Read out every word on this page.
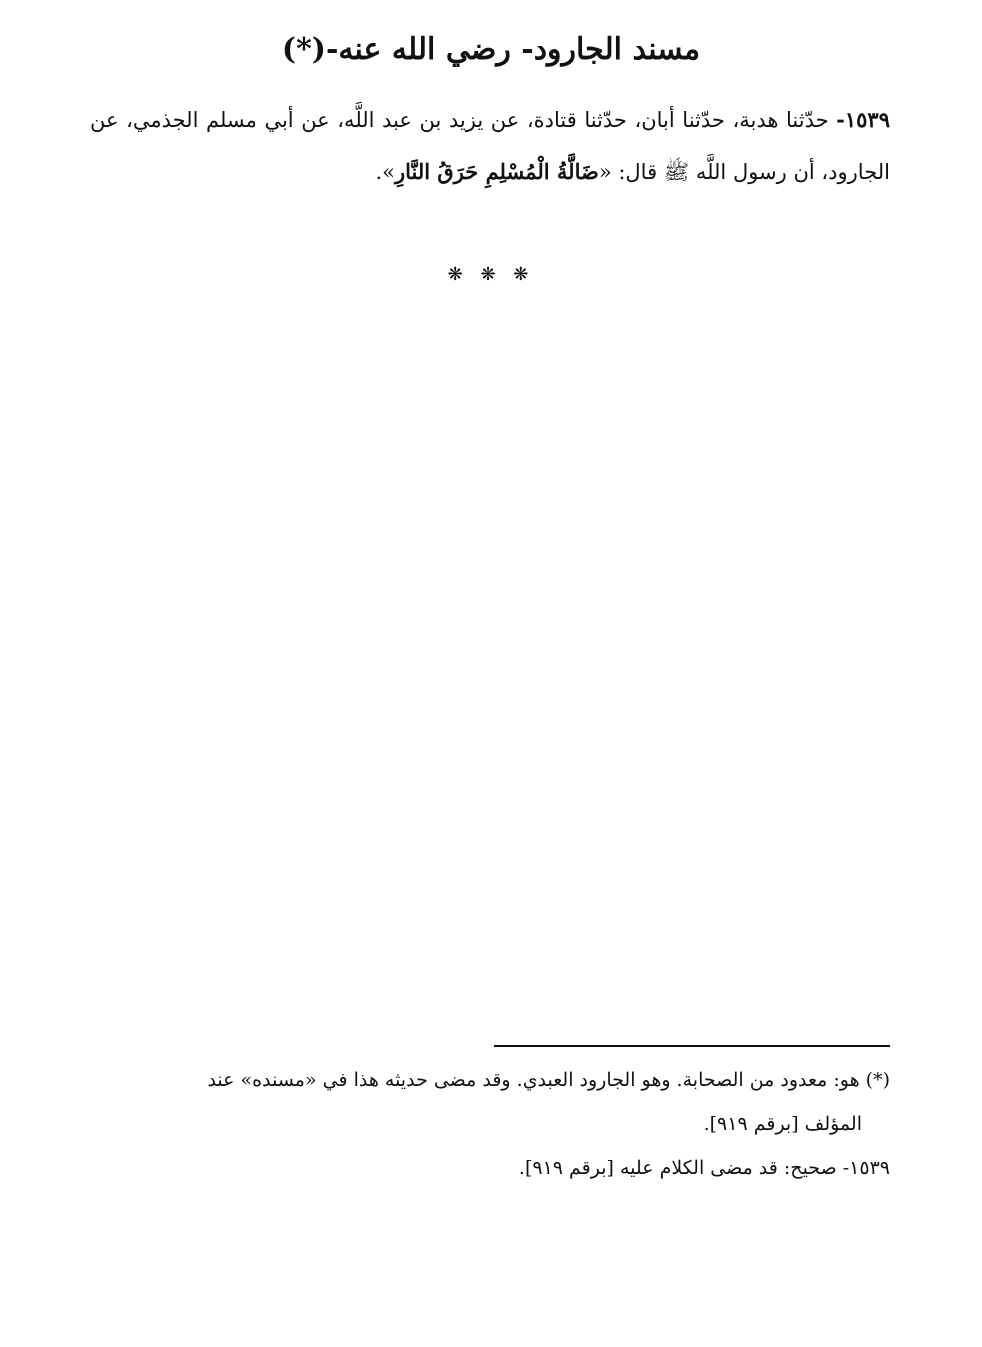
مسند الجارود- رضي الله عنه-(*)
١٥٣٩- حدّثنا هدبة، حدّثنا أبان، حدّثنا قتادة، عن يزيد بن عبد اللَّه، عن أبي مسلم الجذمي، عن الجارود، أن رسول اللَّه ﷺ قال: «ضَالَّةُ الْمُسْلِمِ حَرَقُ النَّارِ».
❋ ❋ ❋

(*) هو: معدود من الصحابة. وهو الجارود العبدي. وقد مضى حديثه هذا في «مسنده» عند

المؤلف [برقم ٩١٩].

١٥٣٩- صحيح: قد مضى الكلام عليه [برقم ٩١٩].
